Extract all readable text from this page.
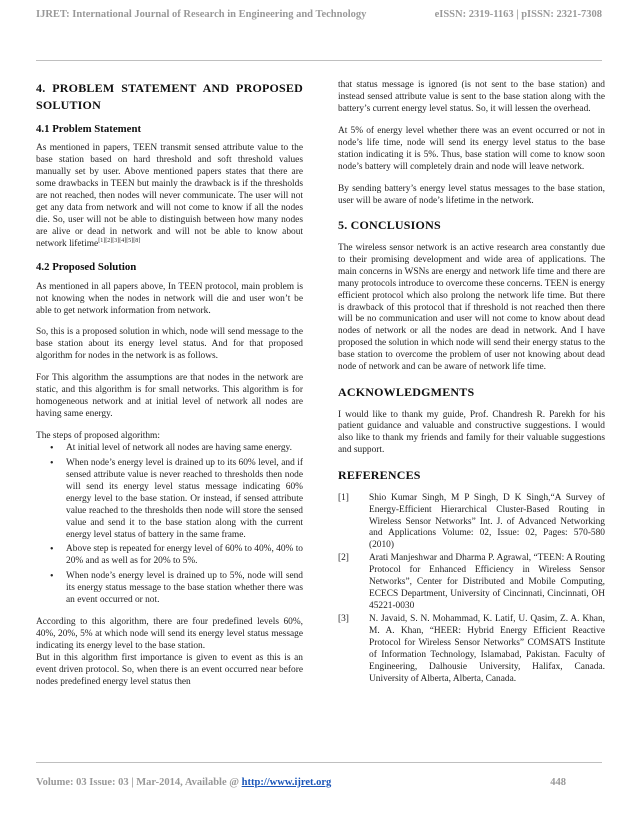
IJRET: International Journal of Research in Engineering and Technology	eISSN: 2319-1163 | pISSN: 2321-7308
4. PROBLEM STATEMENT AND PROPOSED SOLUTION
4.1 Problem Statement

As mentioned in papers, TEEN transmit sensed attribute value to the base station based on hard threshold and soft threshold values manually set by user. Above mentioned papers states that there are some drawbacks in TEEN but mainly the drawback is if the thresholds are not reached, then nodes will never communicate. The user will not get any data from network and will not come to know if all the nodes die. So, user will not be able to distinguish between how many nodes are alive or dead in network and will not be able to know about network lifetime[1][2][3][4][5][8]

4.2 Proposed Solution

As mentioned in all papers above, In TEEN protocol, main problem is not knowing when the nodes in network will die and user won’t be able to get network information from network.

So, this is a proposed solution in which, node will send message to the base station about its energy level status. And for that proposed algorithm for nodes in the network is as follows.

For This algorithm the assumptions are that nodes in the network are static, and this algorithm is for small networks. This algorithm is for homogeneous network and at initial level of network all nodes are having same energy.

The steps of proposed algorithm:

• At initial level of network all nodes are having same energy.
• When node’s energy level is drained up to its 60% level, and if sensed attribute value is never reached to thresholds then node will send its energy level status message indicating 60% energy level to the base station. Or instead, if sensed attribute value reached to the thresholds then node will store the sensed value and send it to the base station along with the current energy level status of battery in the same frame.
• Above step is repeated for energy level of 60% to 40%, 40% to 20% and as well as for 20% to 5%.
• When node’s energy level is drained up to 5%, node will send its energy status message to the base station whether there was an event occurred or not.

According to this algorithm, there are four predefined levels 60%, 40%, 20%, 5% at which node will send its energy level status message indicating its energy level to the base station.

But in this algorithm first importance is given to event as this is an event driven protocol. So, when there is an event occurred near before nodes predefined energy level status then

that status message is ignored (is not sent to the base station) and instead sensed attribute value is sent to the base station along with the battery’s current energy level status. So, it will lessen the overhead.

At 5% of energy level whether there was an event occurred or not in node’s life time, node will send its energy level status to the base station indicating it is 5%. Thus, base station will come to know soon node’s battery will completely drain and node will leave network.

By sending battery’s energy level status messages to the base station, user will be aware of node’s lifetime in the network.

5. CONCLUSIONS

The wireless sensor network is an active research area constantly due to their promising development and wide area of applications. The main concerns in WSNs are energy and network life time and there are many protocols introduce to overcome these concerns. TEEN is energy efficient protocol which also prolong the network life time. But there is drawback of this protocol that if threshold is not reached then there will be no communication and user will not come to know about dead nodes of network or all the nodes are dead in network. And I have proposed the solution in which node will send their energy status to the base station to overcome the problem of user not knowing about dead node of network and can be aware of network life time.

ACKNOWLEDGMENTS

I would like to thank my guide, Prof. Chandresh R. Parekh for his patient guidance and valuable and constructive suggestions. I would also like to thank my friends and family for their valuable suggestions and support.

REFERENCES
[1]	Shio Kumar Singh, M P Singh, D K Singh,“A Survey of Energy-Efficient Hierarchical Cluster-Based Routing in Wireless Sensor Networks” Int. J. of Advanced Networking and Applications Volume: 02, Issue: 02, Pages: 570-580 (2010)
[2]	Arati Manjeshwar and Dharma P. Agrawal, “TEEN: A Routing Protocol for Enhanced Efficiency in Wireless Sensor Networks”, Center for Distributed and Mobile Computing, ECECS Department, University of Cincinnati, Cincinnati, OH 45221-0030
[3]	N. Javaid, S. N. Mohammad, K. Latif, U. Qasim, Z. A. Khan, M. A. Khan, “HEER: Hybrid Energy Efficient Reactive Protocol for Wireless Sensor Networks” COMSATS Institute of Information Technology, Islamabad, Pakistan. Faculty of Engineering, Dalhousie University, Halifax, Canada. University of Alberta, Alberta, Canada.
Volume: 03 Issue: 03 | Mar-2014, Available @ http://www.ijret.org	448
